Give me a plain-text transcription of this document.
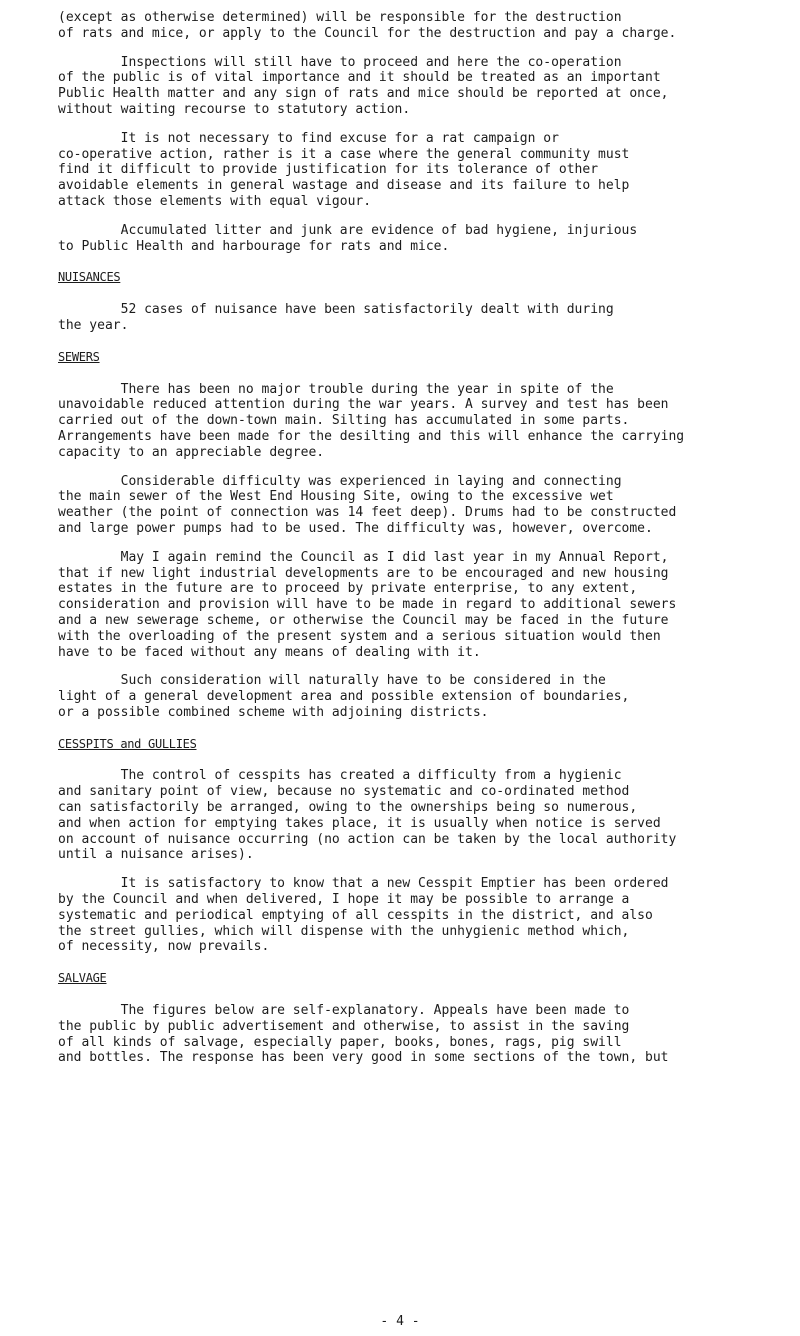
(except as otherwise determined) will be responsible for the destruction
of rats and mice, or apply to the Council for the destruction and pay a charge.
Inspections will still have to proceed and here the co-operation
of the public is of vital importance and it should be treated as an important
Public Health matter and any sign of rats and mice should be reported at once,
without waiting recourse to statutory action.
It is not necessary to find excuse for a rat campaign or
co-operative action, rather is it a case where the general community must
find it difficult to provide justification for its tolerance of other
avoidable elements in general wastage and disease and its failure to help
attack those elements with equal vigour.
Accumulated litter and junk are evidence of bad hygiene, injurious
to Public Health and harbourage for rats and mice.
NUISANCES
52 cases of nuisance have been satisfactorily dealt with during
the year.
SEWERS
There has been no major trouble during the year in spite of the
unavoidable reduced attention during the war years. A survey and test has been
carried out of the down-town main. Silting has accumulated in some parts.
Arrangements have been made for the desilting and this will enhance the carrying
capacity to an appreciable degree.
Considerable difficulty was experienced in laying and connecting
the main sewer of the West End Housing Site, owing to the excessive wet
weather (the point of connection was 14 feet deep). Drums had to be constructed
and large power pumps had to be used. The difficulty was, however, overcome.
May I again remind the Council as I did last year in my Annual Report,
that if new light industrial developments are to be encouraged and new housing
estates in the future are to proceed by private enterprise, to any extent,
consideration and provision will have to be made in regard to additional sewers
and a new sewerage scheme, or otherwise the Council may be faced in the future
with the overloading of the present system and a serious situation would then
have to be faced without any means of dealing with it.
Such consideration will naturally have to be considered in the
light of a general development area and possible extension of boundaries,
or a possible combined scheme with adjoining districts.
CESSPITS and GULLIES
The control of cesspits has created a difficulty from a hygienic
and sanitary point of view, because no systematic and co-ordinated method
can satisfactorily be arranged, owing to the ownerships being so numerous,
and when action for emptying takes place, it is usually when notice is served
on account of nuisance occurring (no action can be taken by the local authority
until a nuisance arises).
It is satisfactory to know that a new Cesspit Emptier has been ordered
by the Council and when delivered, I hope it may be possible to arrange a
systematic and periodical emptying of all cesspits in the district, and also
the street gullies, which will dispense with the unhygienic method which,
of necessity, now prevails.
SALVAGE
The figures below are self-explanatory. Appeals have been made to
the public by public advertisement and otherwise, to assist in the saving
of all kinds of salvage, especially paper, books, bones, rags, pig swill
and bottles. The response has been very good in some sections of the town, but
- 4 -
